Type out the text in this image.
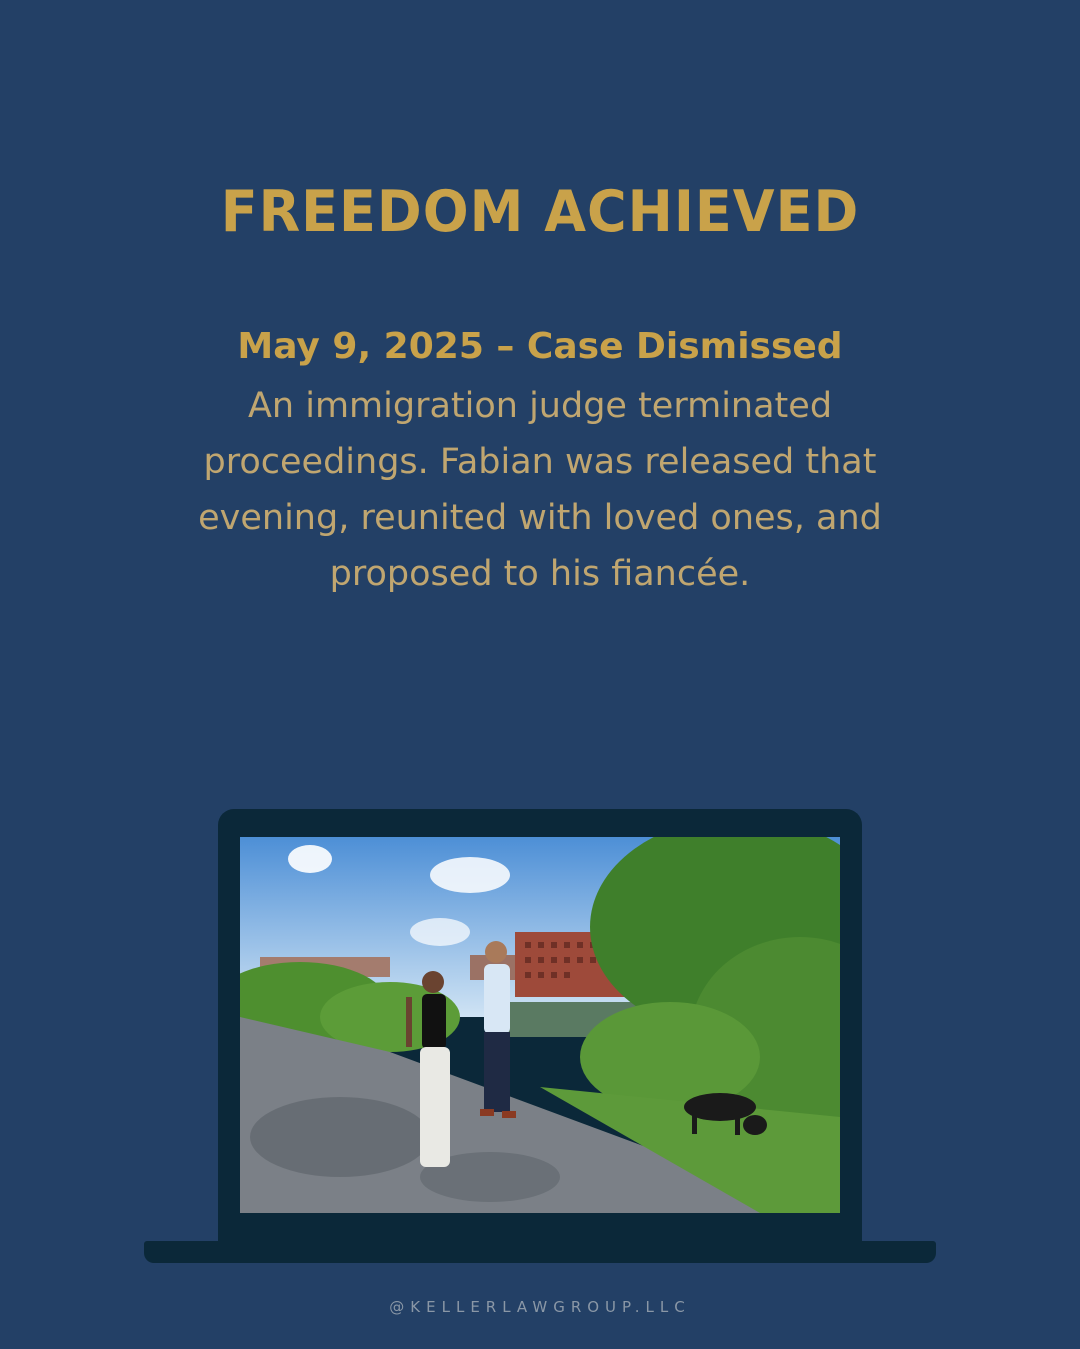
FREEDOM ACHIEVED
May 9, 2025 – Case Dismissed
An immigration judge terminated
proceedings. Fabian was released that
evening, reunited with loved ones, and
proposed to his fiancée.
@KELLERLAWGROUP.LLC
